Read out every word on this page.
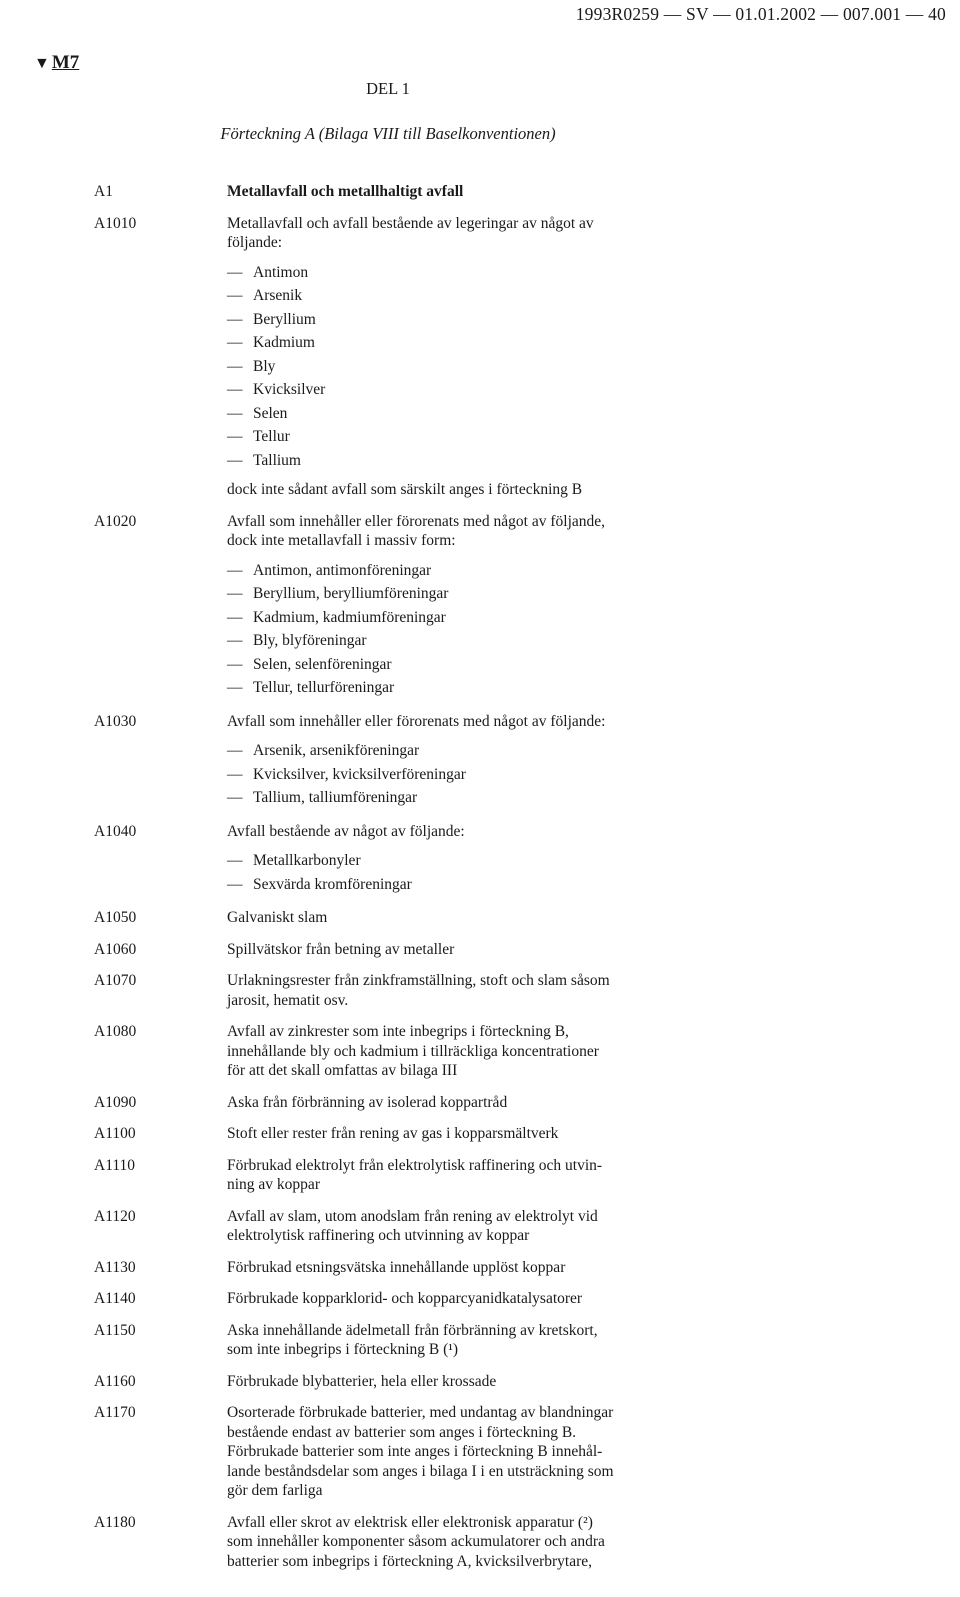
1993R0259 — SV — 01.01.2002 — 007.001 — 40
▼ M7
DEL 1
Förteckning A (Bilaga VIII till Baselkonventionen)
A1	Metallavfall och metallhaltigt avfall
A1010	Metallavfall och avfall bestående av legeringar av något av
följande:
— Antimon
— Arsenik
— Beryllium
— Kadmium
— Bly
— Kvicksilver
— Selen
— Tellur
— Tallium
dock inte sådant avfall som särskilt anges i förteckning B
A1020	Avfall som innehåller eller förorenats med något av följande,
dock inte metallavfall i massiv form:
— Antimon, antimonföreningar
— Beryllium, berylliumföreningar
— Kadmium, kadmiumföreningar
— Bly, blyföreningar
— Selen, selenföreningar
— Tellur, tellurföreningar
A1030	Avfall som innehåller eller förorenats med något av följande:
— Arsenik, arsenikföreningar
— Kvicksilver, kvicksilverföreningar
— Tallium, talliumföreningar
A1040	Avfall bestående av något av följande:
— Metallkarbonyler
— Sexvärda kromföreningar
A1050	Galvaniskt slam
A1060	Spillvätskor från betning av metaller
A1070	Urlakningsrester från zinkframställning, stoft och slam såsom
jarosit, hematit osv.
A1080	Avfall av zinkrester som inte inbegrips i förteckning B,
innehållande bly och kadmium i tillräckliga koncentrationer
för att det skall omfattas av bilaga III
A1090	Aska från förbränning av isolerad koppartråd
A1100	Stoft eller rester från rening av gas i kopparsmältverk
A1110	Förbrukad elektrolyt från elektrolytisk raffinering och utvin-
ning av koppar
A1120	Avfall av slam, utom anodslam från rening av elektrolyt vid
elektrolytisk raffinering och utvinning av koppar
A1130	Förbrukad etsningsvätska innehållande upplöst koppar
A1140	Förbrukade kopparklorid- och kopparcyanidkatalysatorer
A1150	Aska innehållande ädelmetall från förbränning av kretskort,
som inte inbegrips i förteckning B (¹)
A1160	Förbrukade blybatterier, hela eller krossade
A1170	Osorterade förbrukade batterier, med undantag av blandningar
bestående endast av batterier som anges i förteckning B.
Förbrukade batterier som inte anges i förteckning B innehål-
lande beståndsdelar som anges i bilaga I i en utsträckning som
gör dem farliga
A1180	Avfall eller skrot av elektrisk eller elektronisk apparatur (²)
som innehåller komponenter såsom ackumulatorer och andra
batterier som inbegrips i förteckning A, kvicksilverbrytare,
